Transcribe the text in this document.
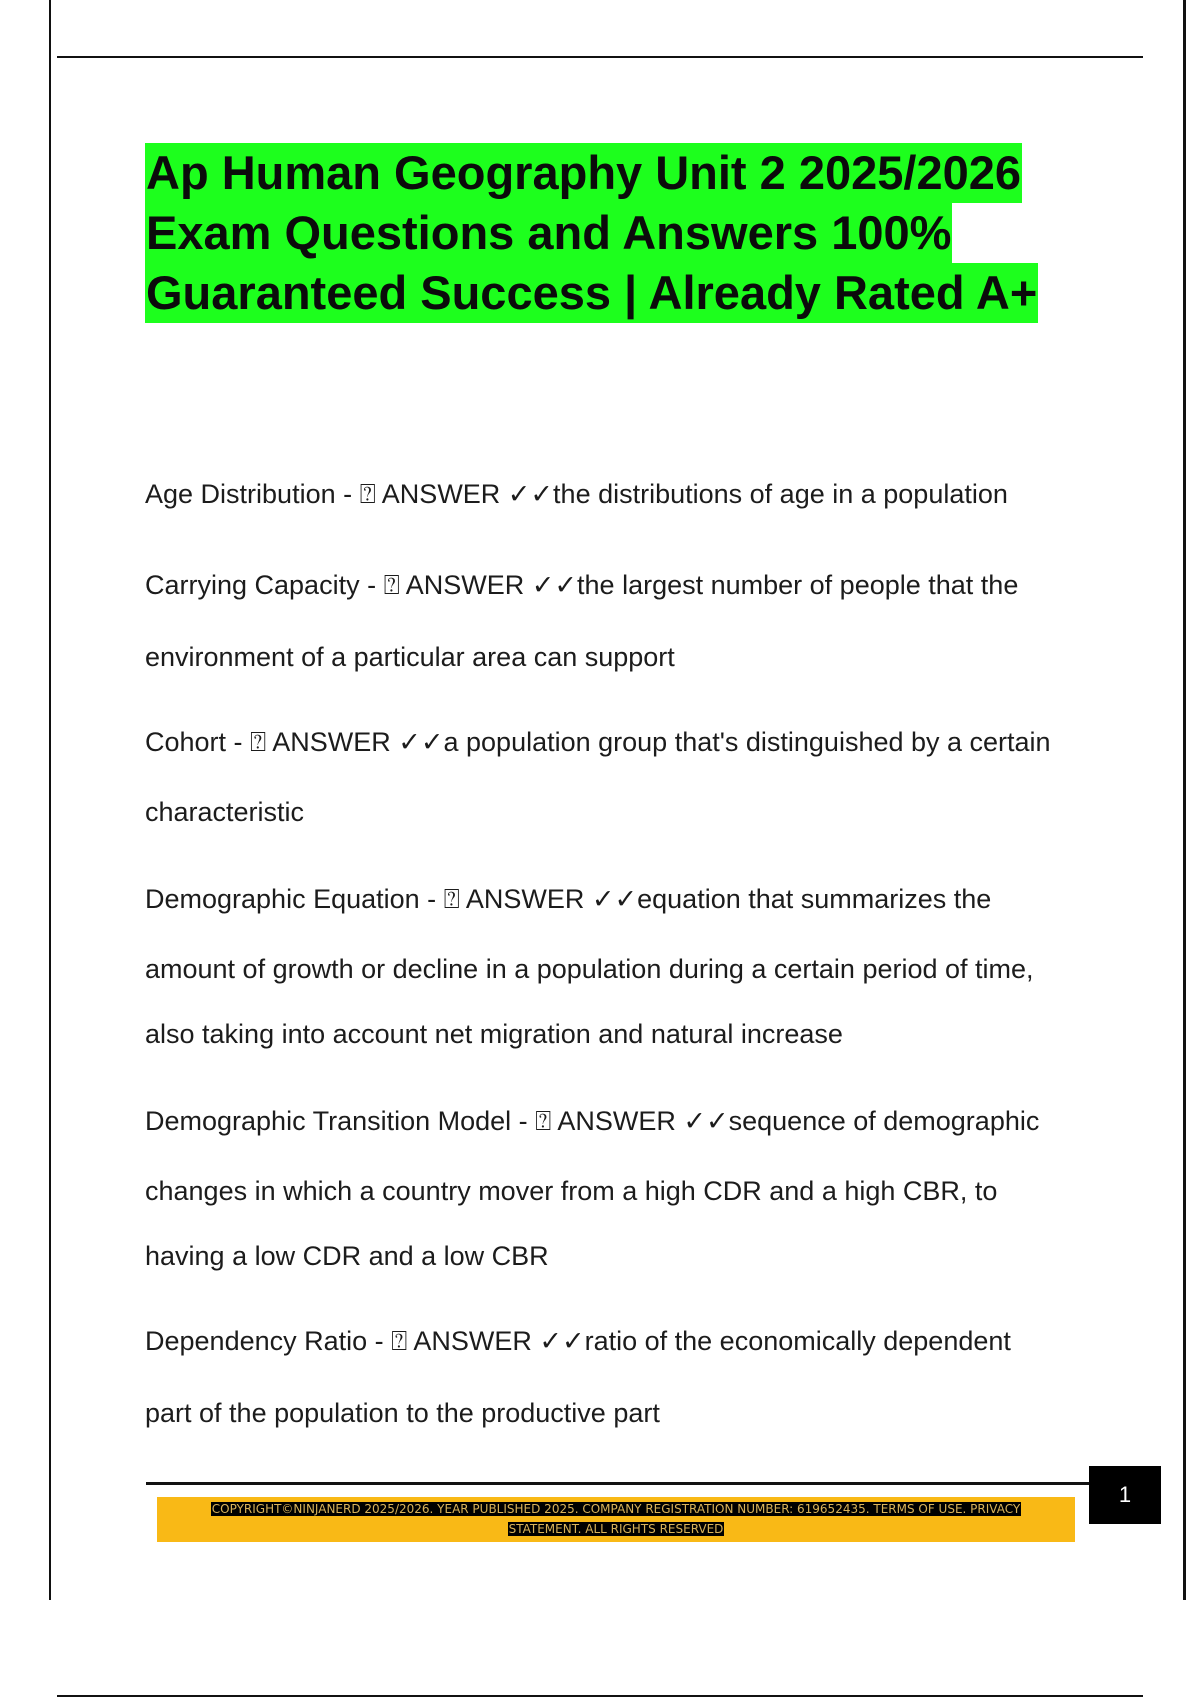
Ap Human Geography Unit 2 2025/2026
Exam Questions and Answers 100%
Guaranteed Success | Already Rated A+
Age Distribution - ⍰ ANSWER ✓✓the distributions of age in a population
Carrying Capacity - ⍰ ANSWER ✓✓the largest number of people that the
environment of a particular area can support
Cohort - ⍰ ANSWER ✓✓a population group that's distinguished by a certain
characteristic
Demographic Equation - ⍰ ANSWER ✓✓equation that summarizes the
amount of growth or decline in a population during a certain period of time,
also taking into account net migration and natural increase
Demographic Transition Model - ⍰ ANSWER ✓✓sequence of demographic
changes in which a country mover from a high CDR and a high CBR, to
having a low CDR and a low CBR
Dependency Ratio - ⍰ ANSWER ✓✓ratio of the economically dependent
part of the population to the productive part
1
COPYRIGHT©NINJANERD 2025/2026. YEAR PUBLISHED 2025. COMPANY REGISTRATION NUMBER: 619652435. TERMS OF USE. PRIVACY
STATEMENT. ALL RIGHTS RESERVED
